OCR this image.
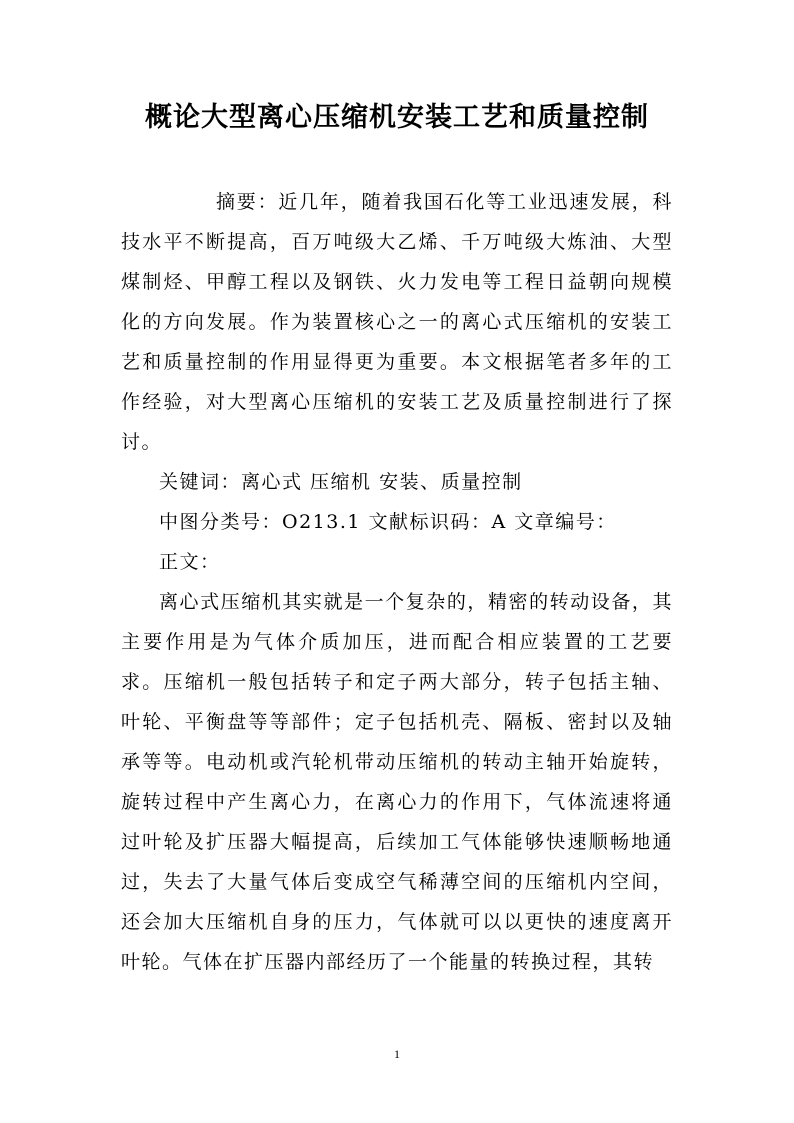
概论大型离心压缩机安装工艺和质量控制

摘要：近几年，随着我国石化等工业迅速发展，科技水平不断提高，百万吨级大乙烯、千万吨级大炼油、大型煤制烃、甲醇工程以及钢铁、火力发电等工程日益朝向规模化的方向发展。作为装置核心之一的离心式压缩机的安装工艺和质量控制的作用显得更为重要。本文根据笔者多年的工作经验，对大型离心压缩机的安装工艺及质量控制进行了探讨。

关键词：离心式 压缩机 安装、质量控制

中图分类号：O213.1 文献标识码：A 文章编号：

正文：

离心式压缩机其实就是一个复杂的，精密的转动设备，其主要作用是为气体介质加压，进而配合相应装置的工艺要求。压缩机一般包括转子和定子两大部分，转子包括主轴、叶轮、平衡盘等等部件；定子包括机壳、隔板、密封以及轴承等等。电动机或汽轮机带动压缩机的转动主轴开始旋转，旋转过程中产生离心力，在离心力的作用下，气体流速将通过叶轮及扩压器大幅提高，后续加工气体能够快速顺畅地通过，失去了大量气体后变成空气稀薄空间的压缩机内空间，还会加大压缩机自身的压力，气体就可以以更快的速度离开叶轮。气体在扩压器内部经历了一个能量的转换过程，其转

1
